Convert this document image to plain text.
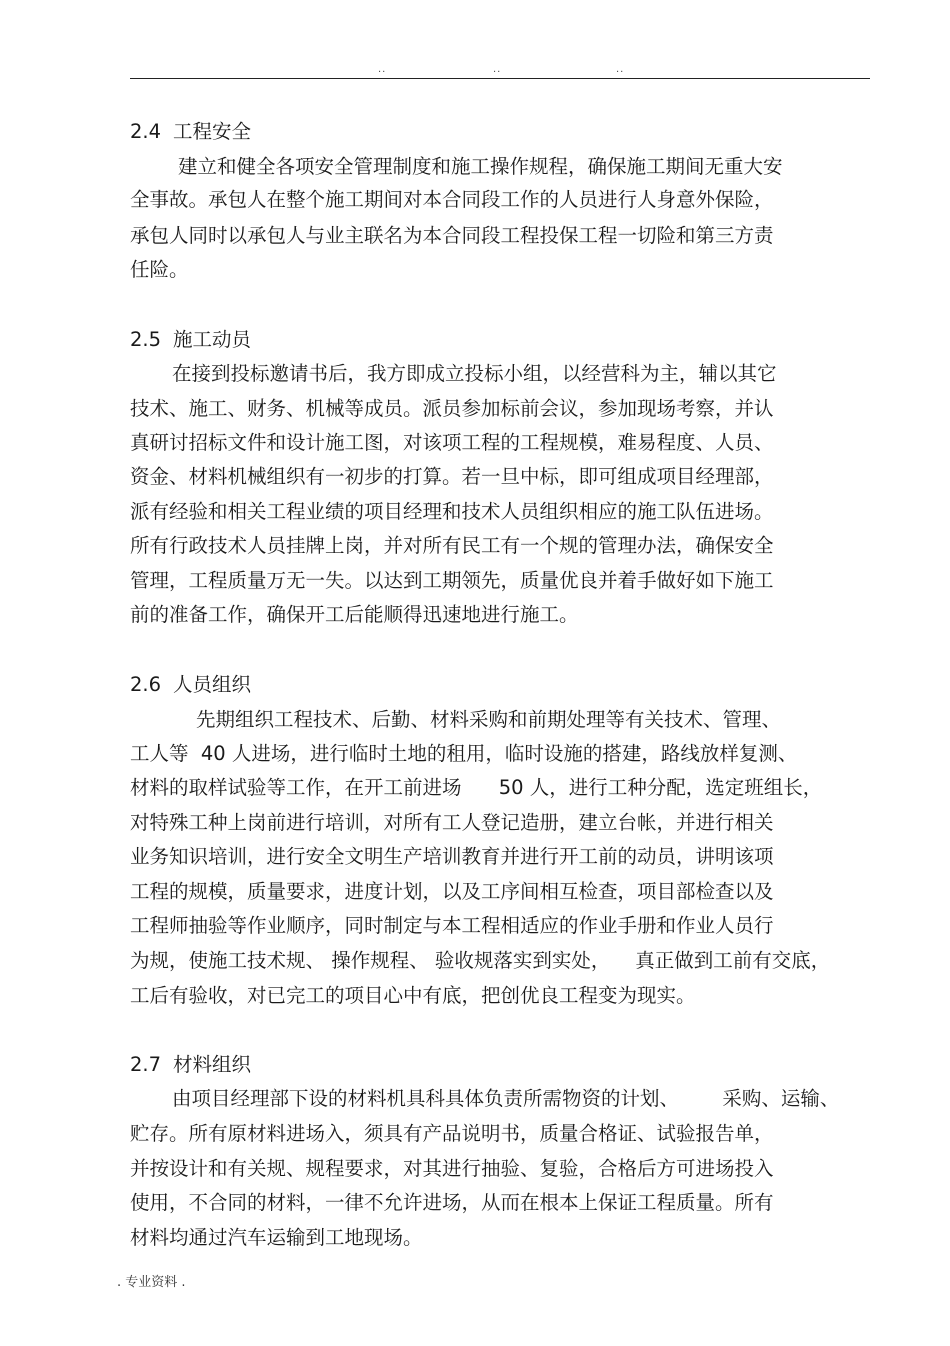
..	..	..
2.4 工程安全
建立和健全各项安全管理制度和施工操作规程，确保施工期间无重大安
全事故。承包人在整个施工期间对本合同段工作的人员进行人身意外保险，
承包人同时以承包人与业主联名为本合同段工程投保工程一切险和第三方责
任险。
2.5 施工动员
在接到投标邀请书后，我方即成立投标小组，以经营科为主，辅以其它
技术、施工、财务、机械等成员。派员参加标前会议，参加现场考察，并认
真研讨招标文件和设计施工图，对该项工程的工程规模，难易程度、人员、
资金、材料机械组织有一初步的打算。若一旦中标，即可组成项目经理部，
派有经验和相关工程业绩的项目经理和技术人员组织相应的施工队伍进场。
所有行政技术人员挂牌上岗，并对所有民工有一个规的管理办法，确保安全
管理，工程质量万无一失。以达到工期领先，质量优良并着手做好如下施工
前的准备工作，确保开工后能顺得迅速地进行施工。
2.6 人员组织
先期组织工程技术、后勤、材料采购和前期处理等有关技术、管理、
工人等  40 人进场，进行临时土地的租用，临时设施的搭建，路线放样复测、
材料的取样试验等工作，在开工前进场      50 人，进行工种分配，选定班组长，
对特殊工种上岗前进行培训，对所有工人登记造册，建立台帐，并进行相关
业务知识培训，进行安全文明生产培训教育并进行开工前的动员，讲明该项
工程的规模，质量要求，进度计划，以及工序间相互检查，项目部检查以及
工程师抽验等作业顺序，同时制定与本工程相适应的作业手册和作业人员行
为规，使施工技术规、 操作规程、 验收规落实到实处，    真正做到工前有交底，
工后有验收，对已完工的项目心中有底，把创优良工程变为现实。
2.7 材料组织
由项目经理部下设的材料机具科具体负责所需物资的计划、       采购、运输、
贮存。所有原材料进场入，须具有产品说明书，质量合格证、试验报告单，
并按设计和有关规、规程要求，对其进行抽验、复验，合格后方可进场投入
使用，不合同的材料，一律不允许进场，从而在根本上保证工程质量。所有
材料均通过汽车运输到工地现场。
. 专业资料 .
